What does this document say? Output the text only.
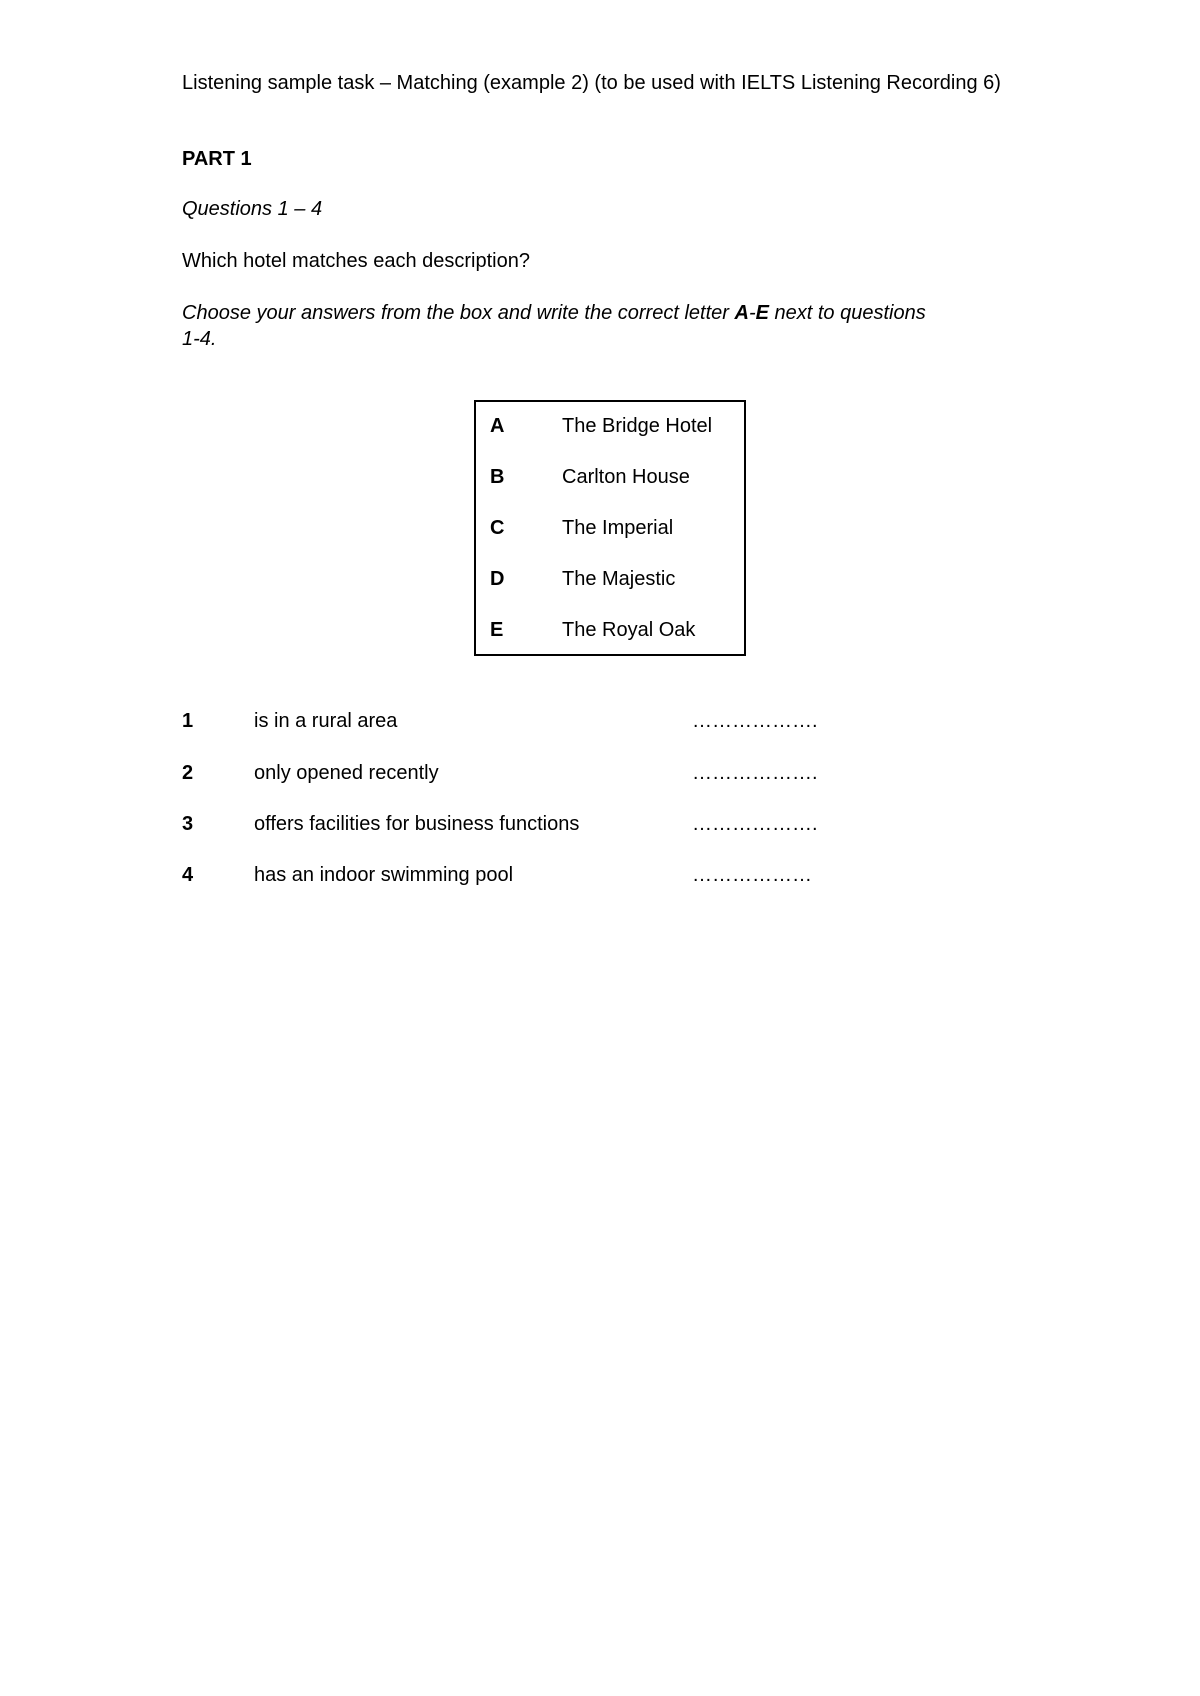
Listening sample task – Matching (example 2) (to be used with IELTS Listening Recording 6)
PART 1
Questions 1 – 4
Which hotel matches each description?
Choose your answers from the box and write the correct letter A-E next to questions 1-4.
A	The Bridge Hotel
B	Carlton House
C	The Imperial
D	The Majestic
E	The Royal Oak
1	is in a rural area	……………….
2	only opened recently	……………….
3	offers facilities for business functions	……………….
4	has an indoor swimming pool	………………
